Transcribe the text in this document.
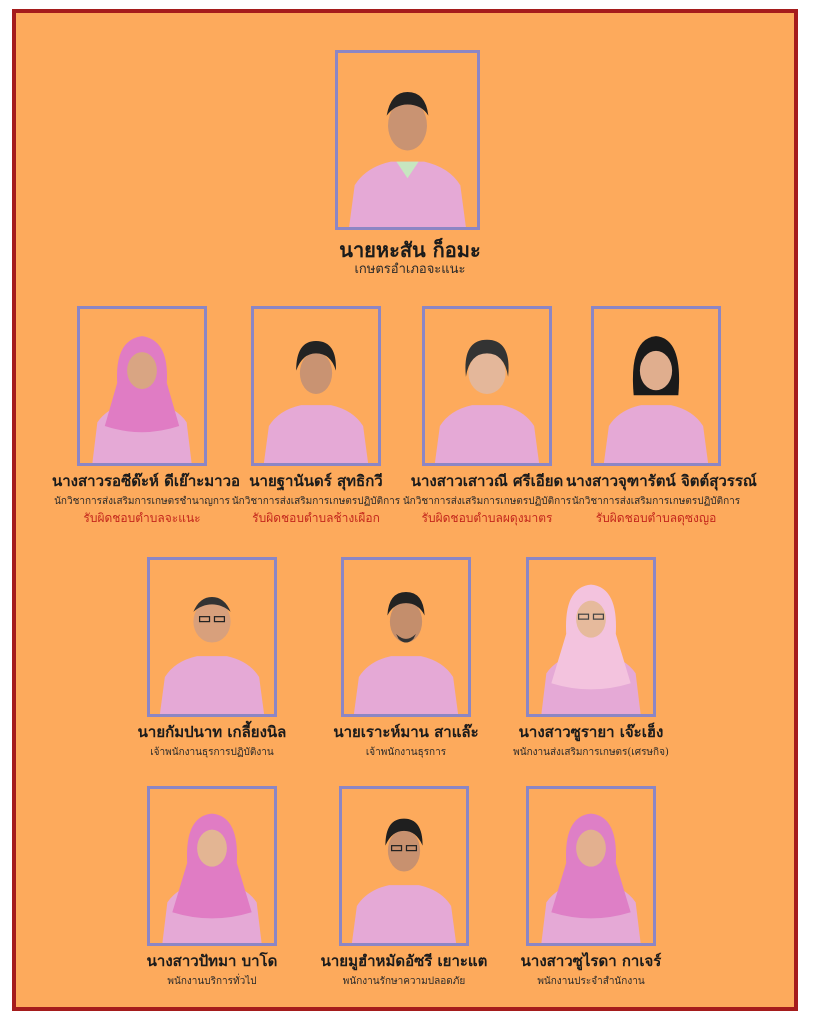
นายหะสัน ก็อมะ
เกษตรอำเภอจะแนะ
นางสาวรอซีด๊ะห์ ดีเย๊าะมาวอ
นักวิชาการส่งเสริมการเกษตรชำนาญการ
รับผิดชอบตำบลจะแนะ
นายฐานันดร์ สุทธิกวี
นักวิชาการส่งเสริมการเกษตรปฏิบัติการ
รับผิดชอบตำบลช้างเผือก
นางสาวเสาวณี ศรีเอียด
นักวิชาการส่งเสริมการเกษตรปฏิบัติการ
รับผิดชอบตำบลผดุงมาตร
นางสาวจุฑารัตน์ จิตต์สุวรรณ์
นักวิชาการส่งเสริมการเกษตรปฏิบัติการ
รับผิดชอบตำบลดุซงญอ
นายกัมปนาท เกลี้ยงนิล
เจ้าพนักงานธุรการปฏิบัติงาน
นายเราะห์มาน สาแล๊ะ
เจ้าพนักงานธุรการ
นางสาวซูรายา เจ๊ะเฮ็ง
พนักงานส่งเสริมการเกษตร(เศรษกิจ)
นางสาวปัทมา บาโด
พนักงานบริการทั่วไป
นายมูฮำหมัดอัซรี เยาะแต
พนักงานรักษาความปลอดภัย
นางสาวซูไรดา กาเจร์
พนักงานประจำสำนักงาน
